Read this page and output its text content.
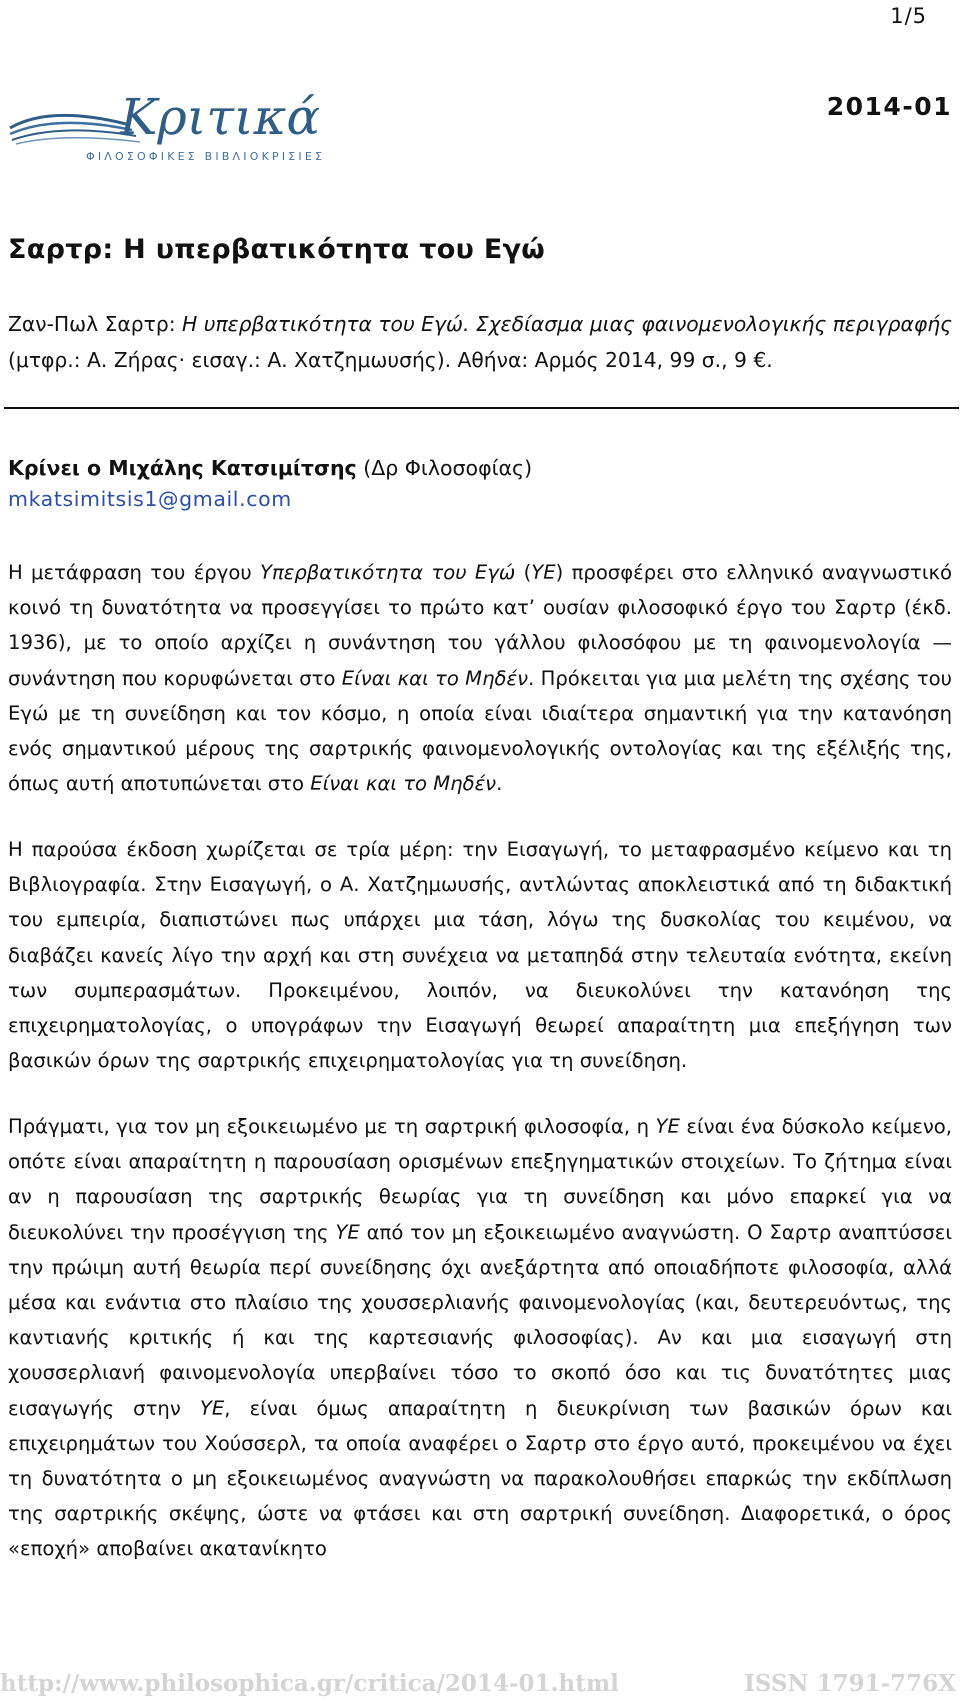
1/5
Κριτικά
ΦΙΛΟΣΟΦΙΚΕΣ ΒΙΒΛΙΟΚΡΙΣΙΕΣ
2014-01
Σαρτρ: Η υπερβατικότητα του Εγώ

Ζαν-Πωλ Σαρτρ: Η υπερβατικότητα του Εγώ. Σχεδίασμα μιας φαινομενολογικής περιγραφής (μτφρ.: Α. Ζήρας· εισαγ.: Α. Χατζημωυσής). Αθήνα: Αρμός 2014, 99 σ., 9 €.

Κρίνει ο Μιχάλης Κατσιμίτσης (Δρ Φιλοσοφίας)
mkatsimitsis1@gmail.com

Η μετάφραση του έργου Υπερβατικότητα του Εγώ (ΥΕ) προσφέρει στο ελληνικό αναγνωστικό κοινό τη δυνατότητα να προσεγγίσει το πρώτο κατ’ ουσίαν φιλοσοφικό έργο του Σαρτρ (έκδ. 1936), με το οποίο αρχίζει η συνάντηση του γάλλου φιλοσόφου με τη φαινομενολογία — συνάντηση που κορυφώνεται στο Είναι και το Μηδέν. Πρόκειται για μια μελέτη της σχέσης του Εγώ με τη συνείδηση και τον κόσμο, η οποία είναι ιδιαίτερα σημαντική για την κατανόηση ενός σημαντικού μέρους της σαρτρικής φαινομενολογικής οντολογίας και της εξέλιξής της, όπως αυτή αποτυπώνεται στο Είναι και το Μηδέν.

Η παρούσα έκδοση χωρίζεται σε τρία μέρη: την Εισαγωγή, το μεταφρασμένο κείμενο και τη Βιβλιογραφία. Στην Εισαγωγή, ο Α. Χατζημωυσής, αντλώντας αποκλειστικά από τη διδακτική του εμπειρία, διαπιστώνει πως υπάρχει μια τάση, λόγω της δυσκολίας του κειμένου, να διαβάζει κανείς λίγο την αρχή και στη συνέχεια να μεταπηδά στην τελευταία ενότητα, εκείνη των συμπερασμάτων. Προκειμένου, λοιπόν, να διευκολύνει την κατανόηση της επιχειρηματολογίας, ο υπογράφων την Εισαγωγή θεωρεί απαραίτητη μια επεξήγηση των βασικών όρων της σαρτρικής επιχειρηματολογίας για τη συνείδηση.

Πράγματι, για τον μη εξοικειωμένο με τη σαρτρική φιλοσοφία, η ΥΕ είναι ένα δύσκολο κείμενο, οπότε είναι απαραίτητη η παρουσίαση ορισμένων επεξηγηματικών στοιχείων. Το ζήτημα είναι αν η παρουσίαση της σαρτρικής θεωρίας για τη συνείδηση και μόνο επαρκεί για να διευκολύνει την προσέγγιση της ΥΕ από τον μη εξοικειωμένο αναγνώστη. Ο Σαρτρ αναπτύσσει την πρώιμη αυτή θεωρία περί συνείδησης όχι ανεξάρτητα από οποιαδήποτε φιλοσοφία, αλλά μέσα και ενάντια στο πλαίσιο της χουσσερλιανής φαινομενολογίας (και, δευτερευόντως, της καντιανής κριτικής ή και της καρτεσιανής φιλοσοφίας). Αν και μια εισαγωγή στη χουσσερλιανή φαινομενολογία υπερβαίνει τόσο το σκοπό όσο και τις δυνατότητες μιας εισαγωγής στην ΥΕ, είναι όμως απαραίτητη η διευκρίνιση των βασικών όρων και επιχειρημάτων του Χούσσερλ, τα οποία αναφέρει ο Σαρτρ στο έργο αυτό, προκειμένου να έχει τη δυνατότητα ο μη εξοικειωμένος αναγνώστη να παρακολουθήσει επαρκώς την εκδίπλωση της σαρτρικής σκέψης, ώστε να φτάσει και στη σαρτρική συνείδηση. Διαφορετικά, ο όρος «εποχή» αποβαίνει ακατανίκητο

http://www.philosophica.gr/critica/2014-01.html	ISSN 1791-776X
